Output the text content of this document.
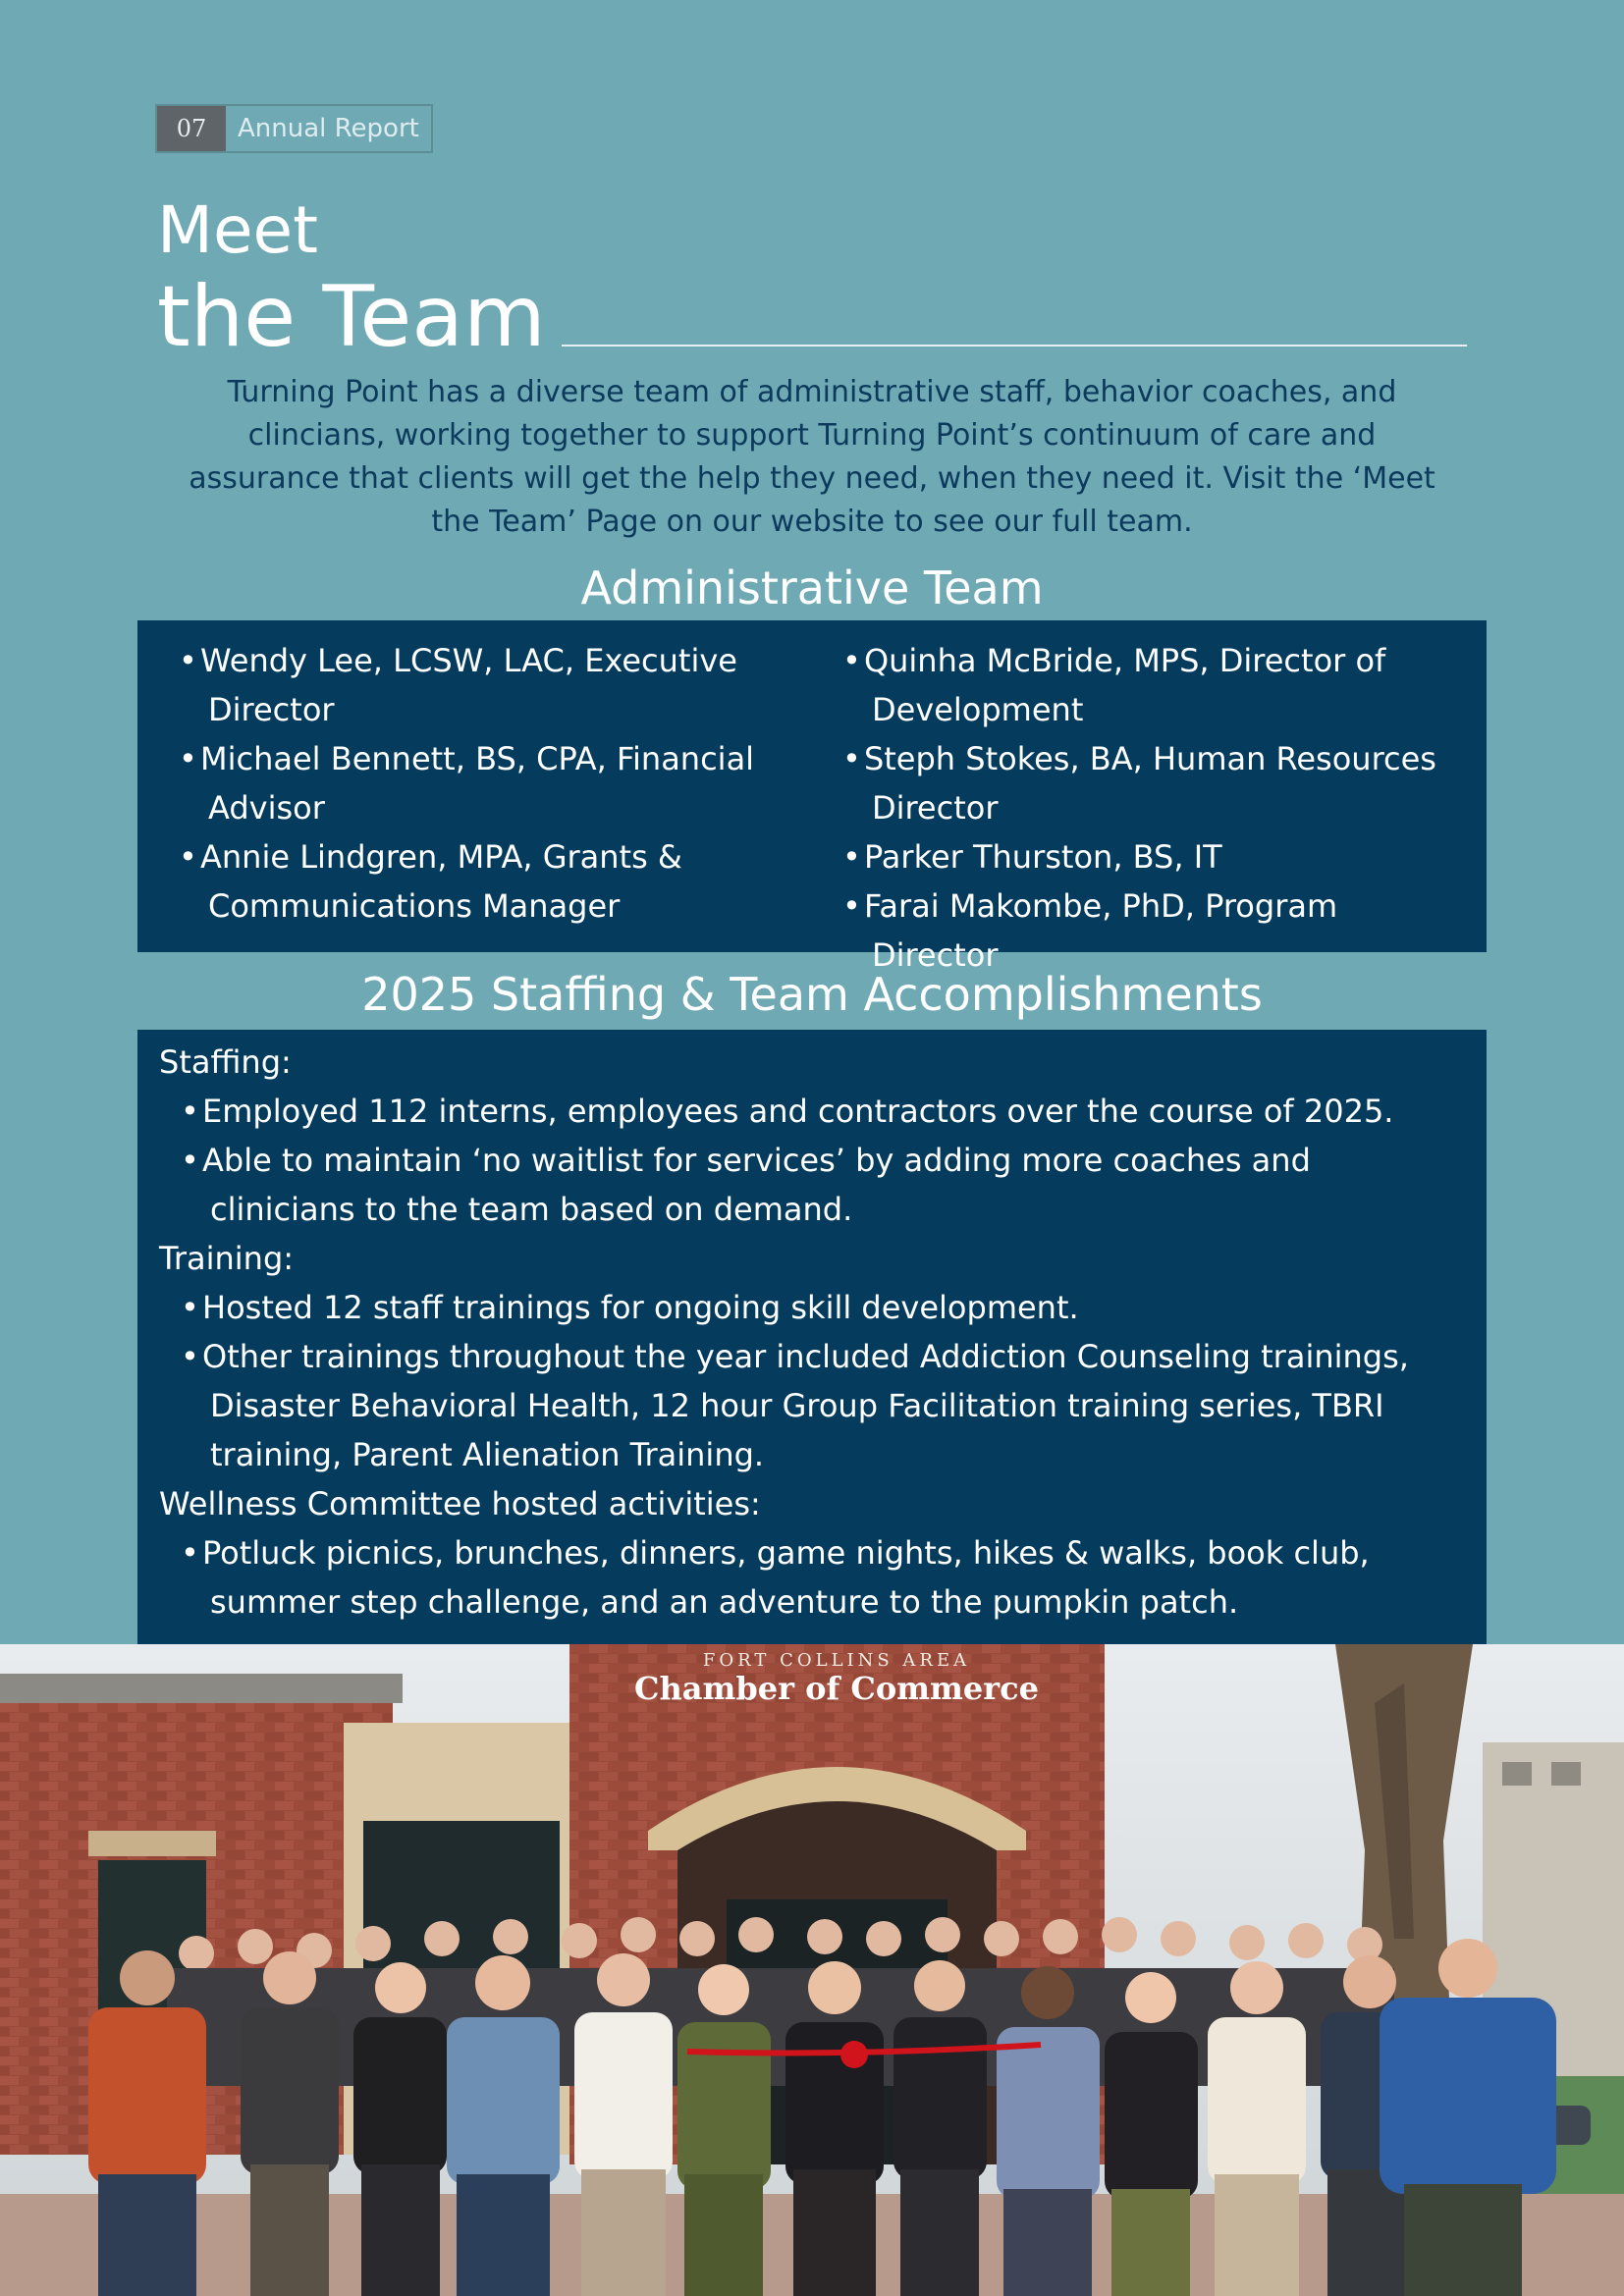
07	Annual Report
Meet
the Team
Turning Point has a diverse team of administrative staff, behavior coaches, and clincians, working together to support Turning Point’s continuum of care and assurance that clients will get the help they need, when they need it. Visit the ‘Meet the Team’ Page on our website to see our full team.
Administrative Team
• Wendy Lee, LCSW, LAC, Executive Director
• Michael Bennett, BS, CPA, Financial Advisor
• Annie Lindgren, MPA, Grants & Communications Manager
• Quinha McBride, MPS, Director of Development
• Steph Stokes, BA, Human Resources Director
• Parker Thurston, BS, IT
• Farai Makombe, PhD, Program Director
2025 Staffing & Team Accomplishments

Staffing:

• Employed 112 interns, employees and contractors over the course of 2025.
• Able to maintain ‘no waitlist for services’ by adding more coaches and clinicians to the team based on demand.

Training:

• Hosted 12 staff trainings for ongoing skill development.
• Other trainings throughout the year included Addiction Counseling trainings, Disaster Behavioral Health, 12 hour Group Facilitation training series, TBRI training, Parent Alienation Training.

Wellness Committee hosted activities:

• Potluck picnics, brunches, dinners, game nights, hikes & walks, book club, summer step challenge, and an adventure to the pumpkin patch.
FORT COLLINS AREA
Chamber of Commerce
